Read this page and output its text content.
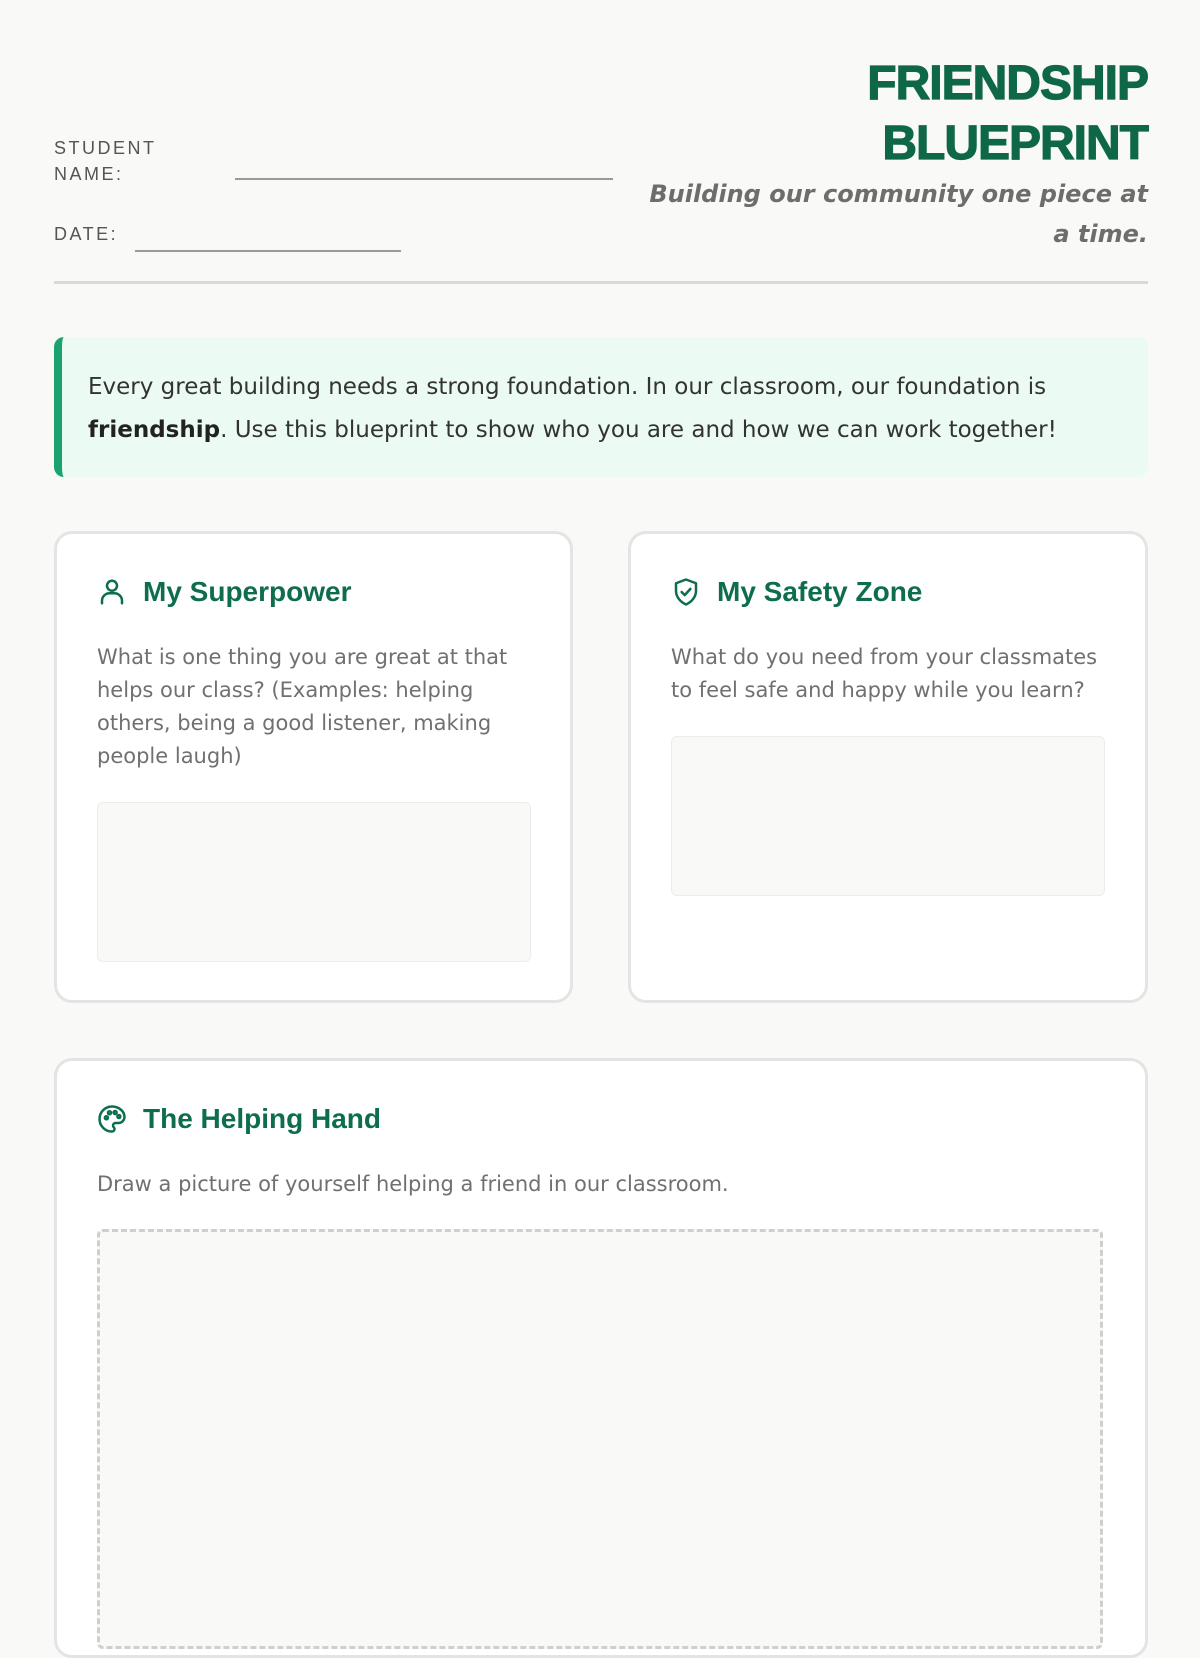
STUDENT NAME:

DATE:

FRIENDSHIP
BLUEPRINT

Building our community one piece at a time.

Every great building needs a strong foundation. In our classroom, our foundation is friendship. Use this blueprint to show who you are and how we can work together!
My Superpower

What is one thing you are great at that helps our class? (Examples: helping others, being a good listener, making people laugh)

My Safety Zone

What do you need from your classmates to feel safe and happy while you learn?

The Helping Hand

Draw a picture of yourself helping a friend in our classroom.
